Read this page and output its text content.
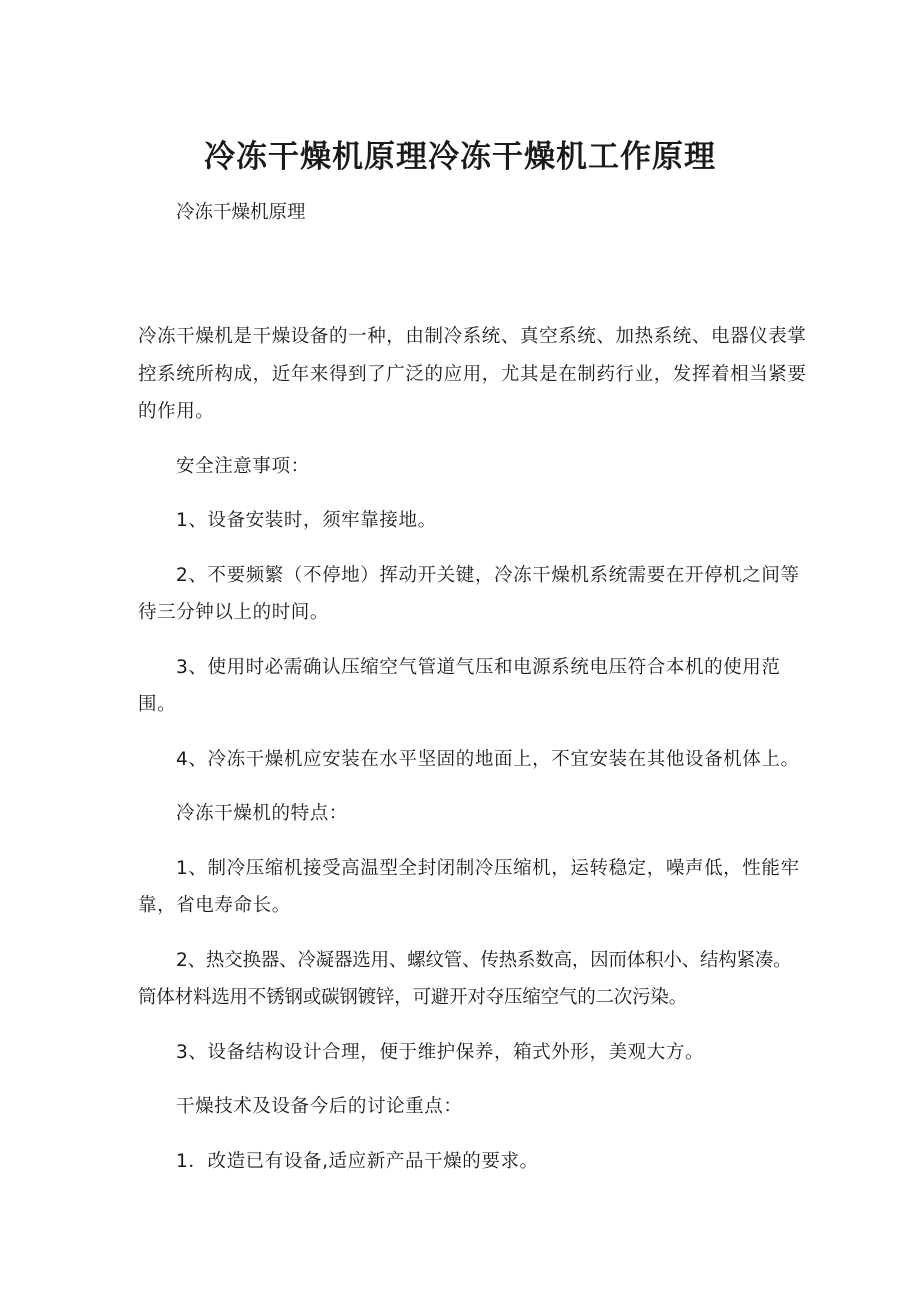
冷冻干燥机原理冷冻干燥机工作原理
冷冻干燥机原理

冷冻干燥机是干燥设备的一种，由制冷系统、真空系统、加热系统、电器仪表掌控系统所构成，近年来得到了广泛的应用，尤其是在制药行业，发挥着相当紧要的作用。

安全注意事项：

1、设备安装时，须牢靠接地。

2、不要频繁（不停地）挥动开关键，冷冻干燥机系统需要在开停机之间等待三分钟以上的时间。

3、使用时必需确认压缩空气管道气压和电源系统电压符合本机的使用范围。

4、冷冻干燥机应安装在水平坚固的地面上，不宜安装在其他设备机体上。

冷冻干燥机的特点：

1、制冷压缩机接受高温型全封闭制冷压缩机，运转稳定，噪声低，性能牢靠，省电寿命长。

2、热交换器、冷凝器选用、螺纹管、传热系数高，因而体积小、结构紧凑。筒体材料选用不锈钢或碳钢镀锌，可避开对夺压缩空气的二次污染。

3、设备结构设计合理，便于维护保养，箱式外形，美观大方。

干燥技术及设备今后的讨论重点：

1．改造已有设备,适应新产品干燥的要求。
